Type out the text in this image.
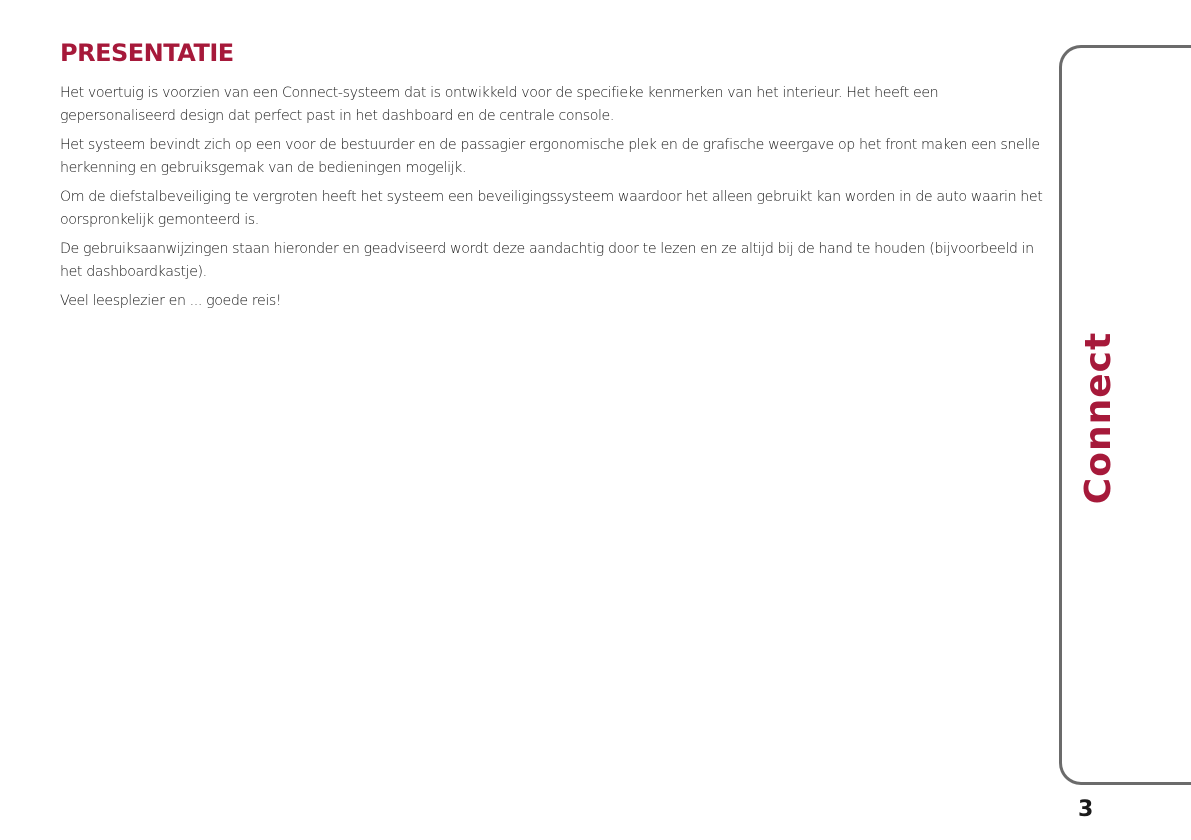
PRESENTATIE

Het voertuig is voorzien van een Connect-systeem dat is ontwikkeld voor de specifieke kenmerken van het interieur. Het heeft een gepersonaliseerd design dat perfect past in het dashboard en de centrale console.

Het systeem bevindt zich op een voor de bestuurder en de passagier ergonomische plek en de grafische weergave op het front maken een snelle herkenning en gebruiksgemak van de bedieningen mogelijk.

Om de diefstalbeveiliging te vergroten heeft het systeem een beveiligingssysteem waardoor het alleen gebruikt kan worden in de auto waarin het oorspronkelijk gemonteerd is.

De gebruiksaanwijzingen staan hieronder en geadviseerd wordt deze aandachtig door te lezen en ze altijd bij de hand te houden (bijvoorbeeld in het dashboardkastje).

Veel leesplezier en ... goede reis!

Connect
3
